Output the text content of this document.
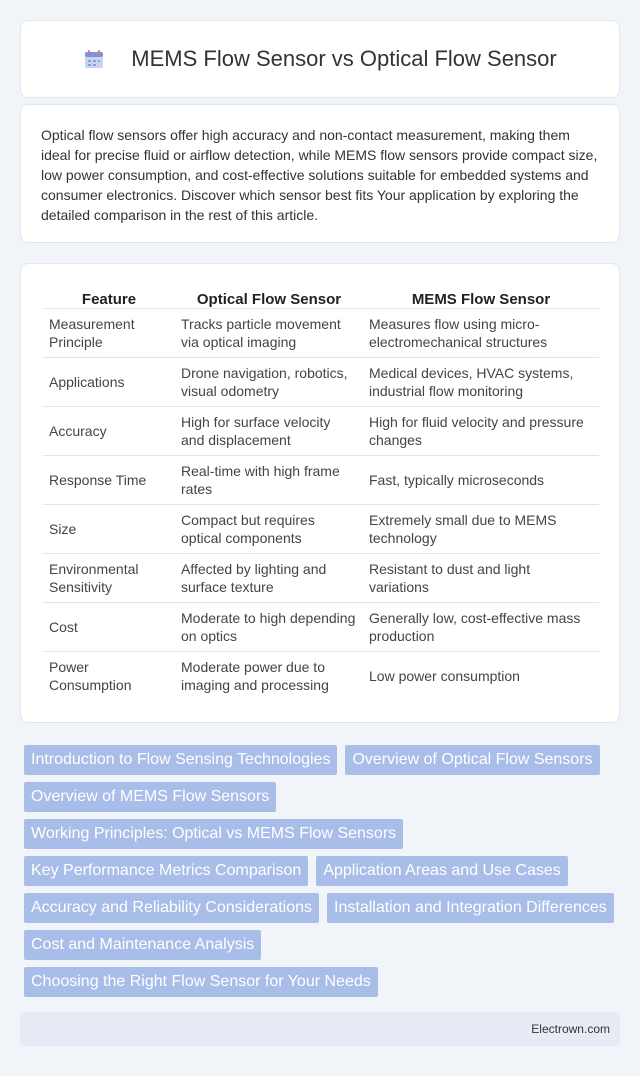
MEMS Flow Sensor vs Optical Flow Sensor

Optical flow sensors offer high accuracy and non-contact measurement, making them ideal for precise fluid or airflow detection, while MEMS flow sensors provide compact size, low power consumption, and cost-effective solutions suitable for embedded systems and consumer electronics. Discover which sensor best fits Your application by exploring the detailed comparison in the rest of this article.

Feature	Optical Flow Sensor	MEMS Flow Sensor
Measurement Principle	Tracks particle movement via optical imaging	Measures flow using micro-electromechanical structures
Applications	Drone navigation, robotics, visual odometry	Medical devices, HVAC systems, industrial flow monitoring
Accuracy	High for surface velocity and displacement	High for fluid velocity and pressure changes
Response Time	Real-time with high frame rates	Fast, typically microseconds
Size	Compact but requires optical components	Extremely small due to MEMS technology
Environmental Sensitivity	Affected by lighting and surface texture	Resistant to dust and light variations
Cost	Moderate to high depending on optics	Generally low, cost-effective mass production
Power Consumption	Moderate power due to imaging and processing	Low power consumption
Introduction to Flow Sensing Technologies	Overview of Optical Flow Sensors
Overview of MEMS Flow Sensors
Working Principles: Optical vs MEMS Flow Sensors
Key Performance Metrics Comparison	Application Areas and Use Cases
Accuracy and Reliability Considerations	Installation and Integration Differences
Cost and Maintenance Analysis
Choosing the Right Flow Sensor for Your Needs
Electrown.com
